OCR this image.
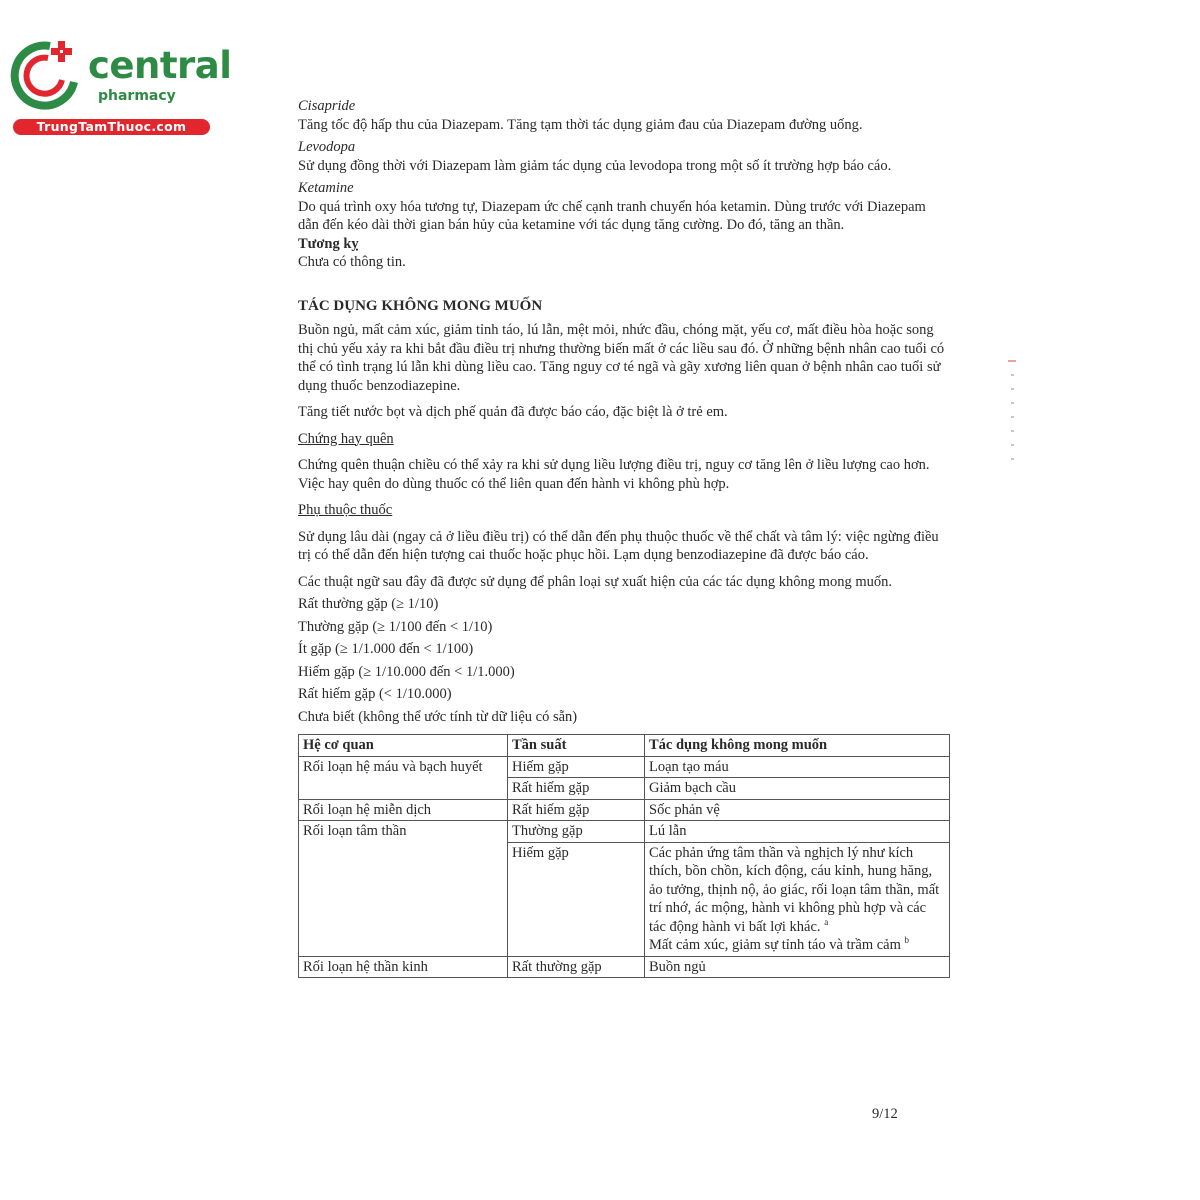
central
pharmacy
TrungTamThuoc.com

Cisapride

Tăng tốc độ hấp thu của Diazepam. Tăng tạm thời tác dụng giảm đau của Diazepam đường uống.

Levodopa

Sử dụng đồng thời với Diazepam làm giảm tác dụng của levodopa trong một số ít trường hợp báo cáo.

Ketamine

Do quá trình oxy hóa tương tự, Diazepam ức chế cạnh tranh chuyển hóa ketamin. Dùng trước với Diazepam dẫn đến kéo dài thời gian bán hủy của ketamine với tác dụng tăng cường. Do đó, tăng an thần.

Tương kỵ

Chưa có thông tin.

TÁC DỤNG KHÔNG MONG MUỐN

Buồn ngủ, mất cảm xúc, giảm tỉnh táo, lú lẫn, mệt mỏi, nhức đầu, chóng mặt, yếu cơ, mất điều hòa hoặc song thị chủ yếu xảy ra khi bắt đầu điều trị nhưng thường biến mất ở các liều sau đó. Ở những bệnh nhân cao tuổi có thể có tình trạng lú lẫn khi dùng liều cao. Tăng nguy cơ té ngã và gãy xương liên quan ở bệnh nhân cao tuổi sử dụng thuốc benzodiazepine.

Tăng tiết nước bọt và dịch phế quản đã được báo cáo, đặc biệt là ở trẻ em.

Chứng hay quên

Chứng quên thuận chiều có thể xảy ra khi sử dụng liều lượng điều trị, nguy cơ tăng lên ở liều lượng cao hơn. Việc hay quên do dùng thuốc có thể liên quan đến hành vi không phù hợp.

Phụ thuộc thuốc

Sử dụng lâu dài (ngay cả ở liều điều trị) có thể dẫn đến phụ thuộc thuốc về thể chất và tâm lý: việc ngừng điều trị có thể dẫn đến hiện tượng cai thuốc hoặc phục hồi. Lạm dụng benzodiazepine đã được báo cáo.

Các thuật ngữ sau đây đã được sử dụng để phân loại sự xuất hiện của các tác dụng không mong muốn.

Rất thường gặp (≥ 1/10)

Thường gặp (≥ 1/100 đến < 1/10)

Ít gặp (≥ 1/1.000 đến < 1/100)

Hiếm gặp (≥ 1/10.000 đến < 1/1.000)

Rất hiếm gặp (< 1/10.000)

Chưa biết (không thể ước tính từ dữ liệu có sẵn)

Hệ cơ quan	Tần suất	Tác dụng không mong muốn
Rối loạn hệ máu và bạch huyết	Hiếm gặp	Loạn tạo máu
	Rất hiếm gặp	Giảm bạch cầu
Rối loạn hệ miễn dịch	Rất hiếm gặp	Sốc phản vệ
Rối loạn tâm thần	Thường gặp	Lú lẫn
	Hiếm gặp	Các phản ứng tâm thần và nghịch lý như kích thích, bồn chồn, kích động, cáu kỉnh, hung hăng, ảo tưởng, thịnh nộ, ảo giác, rối loạn tâm thần, mất trí nhớ, ác mộng, hành vi không phù hợp và các tác động hành vi bất lợi khác. $^a$
Mất cảm xúc, giảm sự tỉnh táo và trầm cảm $^b$
Rối loạn hệ thần kinh	Rất thường gặp	Buồn ngủ
9/12
